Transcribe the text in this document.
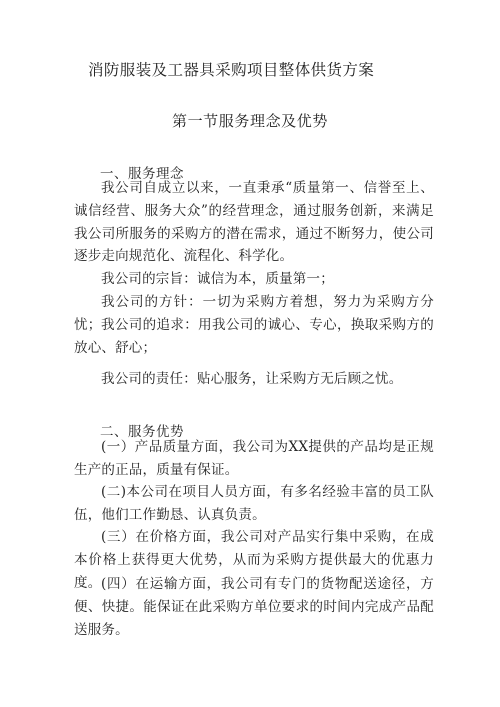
消防服装及工器具采购项目整体供货方案
第一节服务理念及优势
一、服务理念

我公司自成立以来，一直秉承“质量第一、信誉至上、诚信经营、服务大众”的经营理念，通过服务创新，来满足我公司所服务的采购方的潜在需求，通过不断努力，使公司逐步走向规范化、流程化、科学化。

我公司的宗旨：诚信为本，质量第一；

我公司的方针：一切为采购方着想，努力为采购方分忧； 我公司的追求：用我公司的诚心、专心，换取采购方的放心、舒心；

我公司的责任：贴心服务，让采购方无后顾之忧。

二、服务优势

(一）产品质量方面，我公司为XX提供的产品均是正规生产的正品，质量有保证。

(二)本公司在项目人员方面，有多名经验丰富的员工队伍，他们工作勤恳、认真负责。

(三）在价格方面，我公司对产品实行集中采购，在成本价格上获得更大优势，从而为采购方提供最大的优惠力度。 (四）在运输方面，我公司有专门的货物配送途径，方便、快捷。能保证在此采购方单位要求的时间内完成产品配送服务。
